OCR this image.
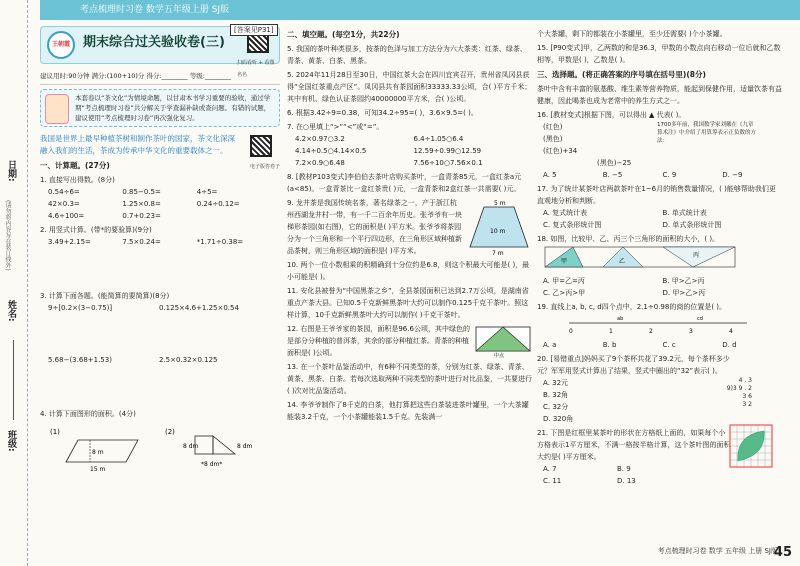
考点梳理时习卷 数学五年级上册 SJ版
日期:
(请勿将内容写在装订线外)
姓名:
班级:
王朝霞	期末综合过关验收卷(三)
扫码看听 + 看图名名
建议用时:90分钟 满分:(100+10)分 得分:________ 等级:________
本套卷以“茶文化”为情境命题，以甘肃本书学习重要的验收，通过学期“考点梳理时习卷”共分解关于学查漏补缺或查问题。有错的试题，建议使用“考点梳理时习卷”再次强化复习。
我国是世界上最早种植茶树和制作茶叶的国家，茶文化深深融入我们的生活，茶成为传承中华文化的重要载体之一。
电子版答卷子
一、计算题。(27分)
1. 直接写出得数。(8分)
0.54÷6=	0.85−0.5=	4÷5=
42×0.3=	1.25×0.8=	0.24÷0.12=
4.6÷100=	0.7+0.23=
2. 用竖式计算。(带*的要验算)(9分)
3.49+2.15=	7.5×0.24=	*1.71÷0.38=
3. 计算下面各题。(能简算的要简算)(8分)
9÷[0.2×(3−0.75)]	0.125×4.6+1.25×0.54
5.68−(3.68+1.53)	2.5×0.32×0.125
4. 计算下面图形的面积。(4分)
(1)
8 m
15 m
(2)
8 dm	8 dm
*8 dm*
[答案见P31]	二、填空题。(每空1分，共22分)
5. 我国的茶叶种类很多，按茶的色泽与加工方法分为六大茶类：红茶、绿茶、青茶、黄茶、白茶、黑茶。
5. 2024年11月28日至30日，中国红茶大会在四川宜宾召开，贵州省凤冈县获得“全国红茶重点产区”。凤冈县共有茶园面积33333.33公顷，合( )平方千米；其中有机、绿色认证茶园约40000000平方米，合( )公顷。
6. 根据3.42÷9=0.38，可知34.2÷95=( )，3.6×9.5=( )。
7. 在○里填上“>”“<”或“=”。
4.2×0.97○3.2	6.4÷1.05○6.4
4.14÷0.5○4.14×0.5	12.59÷0.99○12.59
7.2×0.9○6.48	7.56÷10○7.56×0.1
8. [教材P103变式]李伯伯去茶叶店购买茶叶，一盒青茶85元，一盒红茶a元(a<85)。一盒青茶比一盒红茶贵( )元，一盒青茶和2盒红茶一共需要( )元。
9. 龙井茶是我国传统名茶，著名绿茶之一，产于浙江杭州西湖龙井村一带，有一千二百余年历史。张爷爷有一块梯形茶园(如右图)，它的面积是( )平方米。张爷爷将茶园分为一个三角形和一个平行四边形，在三角形区域种植新品茶树，则三角形区域的面积是( )平方米。
5 m
10 m
7 m
10. 两个一位小数相乘的积精确到十分位约是6.8，则这个积最大可能是( )，最小可能是( )。
11. 安化县被誉为“中国黑茶之乡”，全县茶园面积已达到2.7万公顷，是湖南省重点产茶大县。已知0.5千克新鲜黑茶叶大约可以制作0.125千克干茶叶。照这样计算，10千克新鲜黑茶叶大约可以制作( )千克干茶叶。
12. 右图是王爷爷家的茶园，面积是96.6公顷，其中绿色的是部分分种植的普洱茶，其余的部分种植红茶。青茶的种植面积是( )公顷。	中点
13. 在一个茶叶品鉴活动中，有6种不同类型的茶，分别为红茶、绿茶、青茶、黄茶、黑茶、白茶。若每次选取两种不同类型的茶叶进行对比品鉴，一共要进行( )次对比品鉴活动。
14. 李爷爷制作了8千克的白茶，他打算把这些白茶装进茶叶罐里，一个大茶罐能装3.2千克，一个小茶罐能装1.5千克。先装满一
个大茶罐，剩下的都装在小茶罐里，至少还需要( )个小茶罐。
15. [P90变式]甲，乙两数的和是36.3，甲数的小数点向右移动一位后就和乙数相等，甲数是( )，乙数是( )。
三、选择题。(将正确答案的序号填在括号里)(8分)
茶叶中含有丰富的氨基酸、维生素等营养物质，能起到保健作用，适量饮茶有益健康，因此喝茶也成为老常中的养生方式之一。
16. [教材变式]根据下图，可以得出 ▲ 代表( )。
(红色)
(黑色)
(红色)+34
1700多年前，我国数学家刘徽在《九章算术注》中介绍了用算筹表示正负数的方法：
(黑色)−25
A. 5	B. −5	C. 9	D. −9
17. 为了统计某茶叶店两款茶叶在1~6月的销售数量情况，( )能够帮助我们更直观地分析和判断。
A. 复式统计表	B. 单式统计表
C. 复式条形统计图	D. 单式条形统计图
18. 如图，比较甲、乙、丙三个三角形的面积的大小，( )。
甲	乙
丙
A. 甲=乙=丙	B. 甲>乙>丙
C. 乙>丙>甲	D. 甲>乙>丙
19. 直线上a, b, c, d四个点中，2.1÷0.98的商的位置是( )。
ab	cd
0	1	2	3	4
A. a	B. b	C. c	D. d
20. [易错重点]妈妈买了9个茶杯共花了39.2元，每个茶杯多少元？军军用竖式计算出了结果，竖式中圈出的“32”表示( )。
A. 32元
B. 32角
C. 32分
D. 320角
4 . 3
9)3 9 . 2
3 6
3 2
21. 下图是红框里某茶叶的形状在方格纸上面的，如果每个小方格表示1平方厘米，不满一格按半格计算，这个茶叶图的面积大约是( )平方厘米。
A. 7
C. 11
B. 9
D. 13
考点梳理时习卷 数学 五年级 上册 SJ版
45
